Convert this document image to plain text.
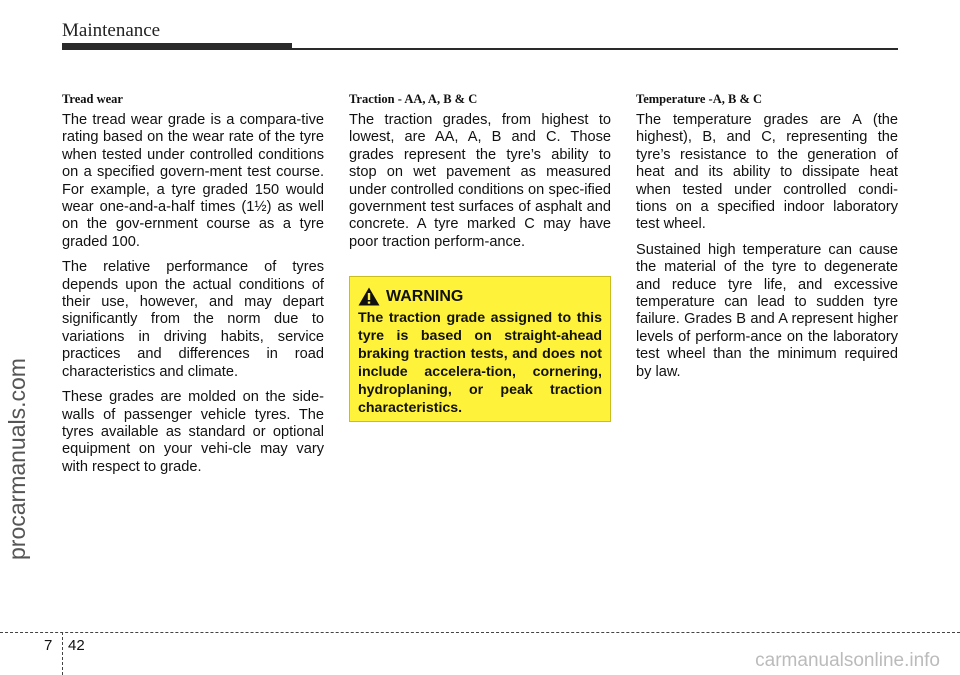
Maintenance
procarmanuals.com
Tread wear

The tread wear grade is a compara-tive rating based on the wear rate of the tyre when tested under controlled conditions on a specified govern-ment test course. For example, a tyre graded 150 would wear one-and-a-half times (1½) as well on the gov-ernment course as a tyre graded 100.

The relative performance of tyres depends upon the actual conditions of their use, however, and may depart significantly from the norm due to variations in driving habits, service practices and differences in road characteristics and climate.

These grades are molded on the side-walls of passenger vehicle tyres. The tyres available as standard or optional equipment on your vehi-cle may vary with respect to grade.

Traction - AA, A, B & C

The traction grades, from highest to lowest, are AA, A, B and C. Those grades represent the tyre’s ability to stop on wet pavement as measured under controlled conditions on spec-ified government test surfaces of asphalt and concrete. A tyre marked C may have poor traction perform-ance.

WARNING
The traction grade assigned to this tyre is based on straight-ahead braking traction tests, and does not include accelera-tion, cornering, hydroplaning, or peak traction characteristics.
Temperature -A, B & C

The temperature grades are A (the highest), B, and C, representing the tyre’s resistance to the generation of heat and its ability to dissipate heat when tested under controlled condi-tions on a specified indoor laboratory test wheel.

Sustained high temperature can cause the material of the tyre to degenerate and reduce tyre life, and excessive temperature can lead to sudden tyre failure. Grades B and A represent higher levels of perform-ance on the laboratory test wheel than the minimum required by law.

7 42
carmanualsonline.info
